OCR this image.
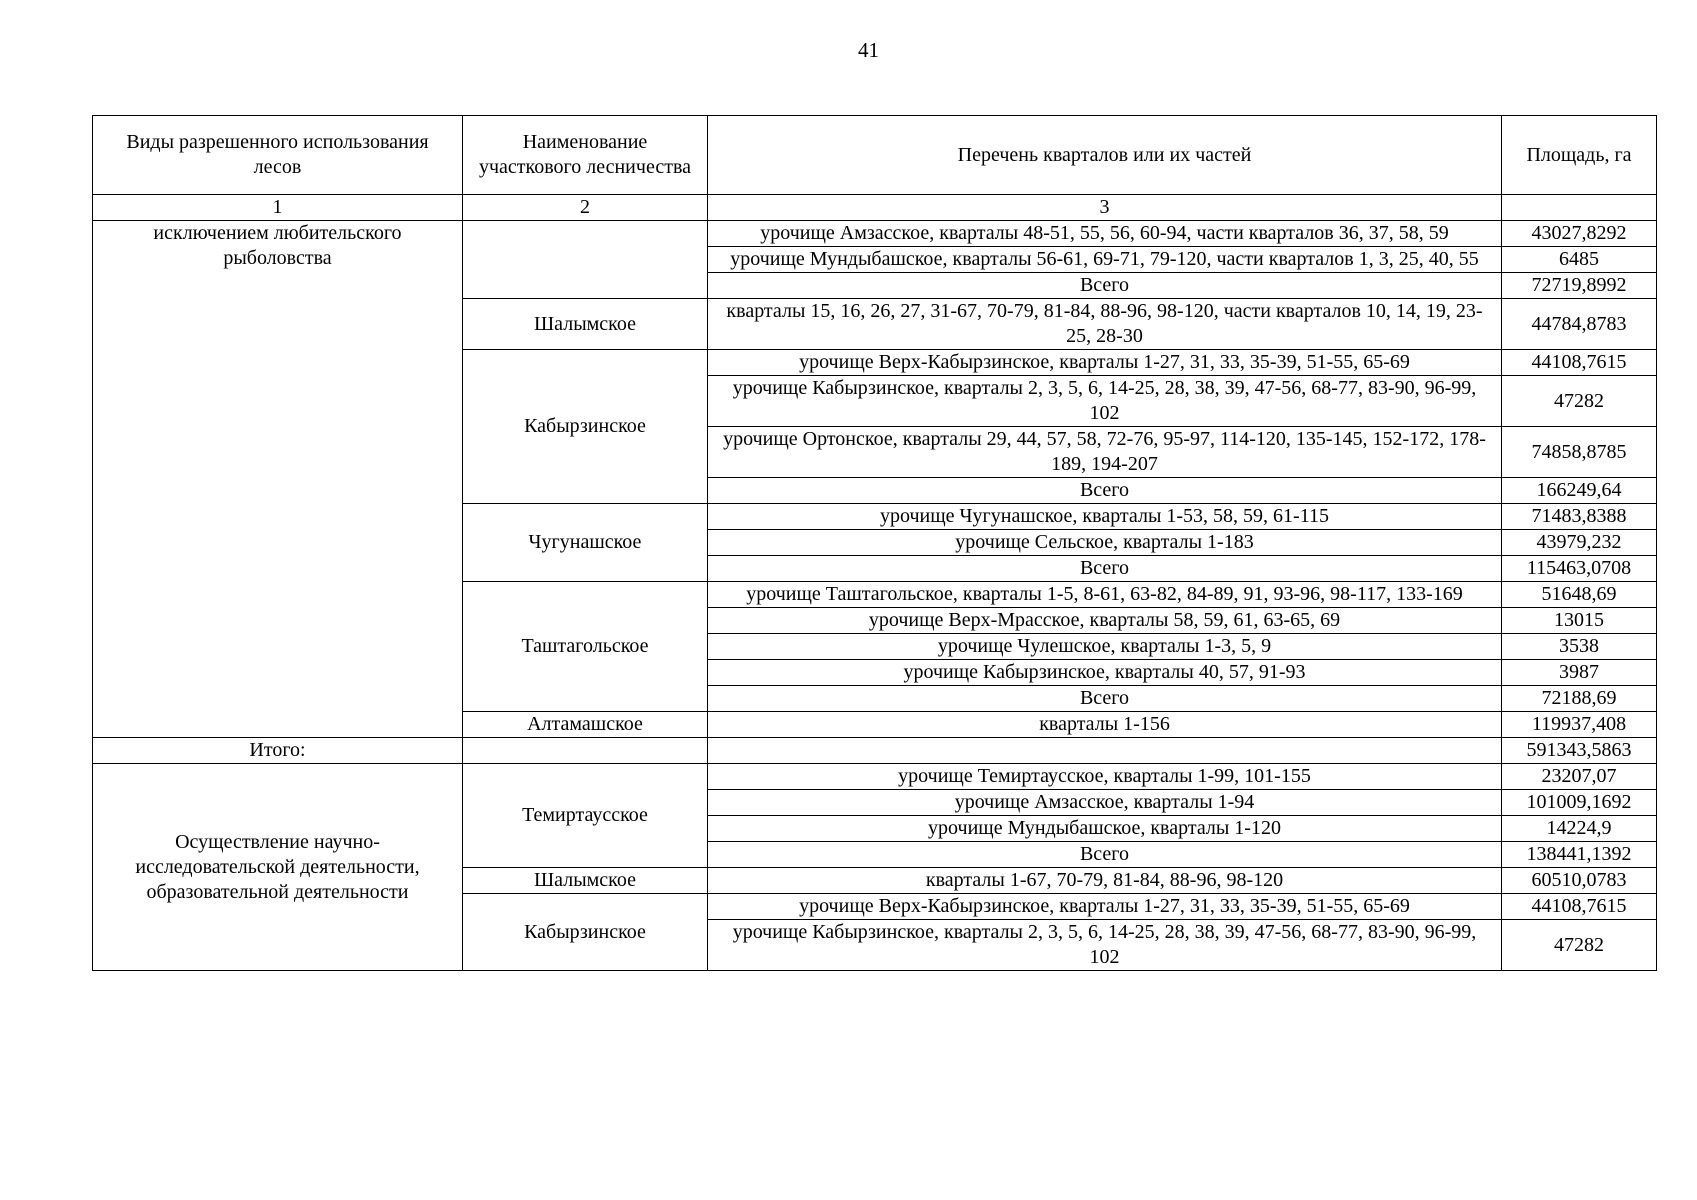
41
Виды разрешенного использования лесов	Наименование участкового лесничества	Перечень кварталов или их частей	Площадь, га
1	2	3	
исключением любительского рыболовства		урочище Амзасское, кварталы 48-51, 55, 56, 60-94, части кварталов 36, 37, 58, 59	43027,8292
		урочище Мундыбашское, кварталы 56-61, 69-71, 79-120, части кварталов 1, 3, 25, 40, 55	6485
		Всего	72719,8992
	Шалымское	кварталы 15, 16, 26, 27, 31-67, 70-79, 81-84, 88-96, 98-120, части кварталов 10, 14, 19, 23-25, 28-30	44784,8783
	Кабырзинское	урочище Верх-Кабырзинское, кварталы 1-27, 31, 33, 35-39, 51-55, 65-69	44108,7615
		урочище Кабырзинское, кварталы 2, 3, 5, 6, 14-25, 28, 38, 39, 47-56, 68-77, 83-90, 96-99, 102	47282
		урочище Ортонское, кварталы 29, 44, 57, 58, 72-76, 95-97, 114-120, 135-145, 152-172, 178-189, 194-207	74858,8785
		Всего	166249,64
	Чугунашское	урочище Чугунашское, кварталы 1-53, 58, 59, 61-115	71483,8388
		урочище Сельское, кварталы 1-183	43979,232
		Всего	115463,0708
	Таштагольское	урочище Таштагольское, кварталы 1-5, 8-61, 63-82, 84-89, 91, 93-96, 98-117, 133-169	51648,69
		урочище Верх-Мрасское, кварталы 58, 59, 61, 63-65, 69	13015
		урочище Чулешское, кварталы 1-3, 5, 9	3538
		урочище Кабырзинское, кварталы 40, 57, 91-93	3987
		Всего	72188,69
	Алтамашское	кварталы 1-156	119937,408
Итого:			591343,5863
Осуществление научно-исследовательской деятельности, образовательной деятельности	Темиртаусское	урочище Темиртаусское, кварталы 1-99, 101-155	23207,07
		урочище Амзасское, кварталы 1-94	101009,1692
		урочище Мундыбашское, кварталы 1-120	14224,9
		Всего	138441,1392
	Шалымское	кварталы 1-67, 70-79, 81-84, 88-96, 98-120	60510,0783
	Кабырзинское	урочище Верх-Кабырзинское, кварталы 1-27, 31, 33, 35-39, 51-55, 65-69	44108,7615
		урочище Кабырзинское, кварталы 2, 3, 5, 6, 14-25, 28, 38, 39, 47-56, 68-77, 83-90, 96-99, 102	47282
